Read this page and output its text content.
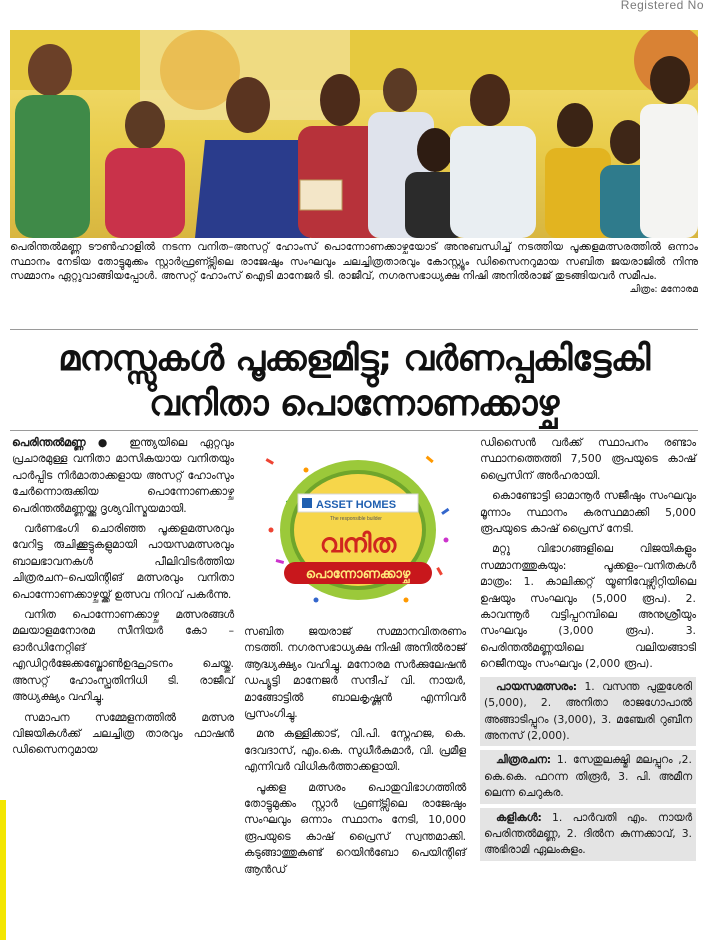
Registered No
പെരിന്തൽമണ്ണ ടൗൺഹാളിൽ നടന്ന വനിത–അസറ്റ് ഹോംസ് പൊന്നോണക്കാഴ്ചയോട് അനുബന്ധിച്ച് നടത്തിയ പൂക്കളമത്സരത്തിൽ ഒന്നാം സ്ഥാനം നേടിയ തോട്ടുമുക്കം സ്റ്റാർഫ്രണ്ട്സിലെ രാജേഷും സംഘവും ചലച്ചിത്രതാരവും കോസ്റ്റ്യൂം ഡിസൈനറുമായ സബിത ജയരാജിൽ നിന്നു സമ്മാനം ഏറ്റുവാങ്ങിയപ്പോൾ. അസറ്റ് ഹോംസ് ഐടി മാനേജർ ടി. രാജീവ്, നഗരസഭാധ്യക്ഷ നിഷി അനിൽരാജ് തുടങ്ങിയവർ സമീപം.
ചിത്രം: മനോരമ
മനസ്സുകൾ പൂക്കളമിട്ടു; വർണപ്പകിട്ടേകി
വനിതാ പൊന്നോണക്കാഴ്ച

പെരിന്തൽമണ്ണ ● ഇന്ത്യയിലെ ഏറ്റവും പ്രചാരമുള്ള വനിതാ മാസികയായ വനിതയും പാർപ്പിട നിർമാതാക്കളായ അസറ്റ് ഹോംസും ചേർന്നൊരുക്കിയ പൊന്നോണക്കാഴ്ച പെരിന്തൽമണ്ണയ്ക്കു ദൃശ്യവിസ്മയമായി.

വർണഭംഗി ചൊരിഞ്ഞ പൂക്കളമത്സരവും വേറിട്ട രുചിക്കൂട്ടുകളുമായി പായസമത്സരവും ബാലഭാവനകൾ പീലിവിടർത്തിയ ചിത്രരചന–പെയിന്റിങ് മത്സരവും വനിതാ പൊന്നോണക്കാഴ്ചയ്ക്ക് ഉത്സവ നിറവ് പകർന്നു.

വനിത പൊന്നോണക്കാഴ്ച മത്സരങ്ങൾ മലയാളമനോരമ സീനിയർ കോ – ഓർഡിനേറ്റിങ് എഡിറ്റർജേക്കബ്ജോൺഉദ്ഘാടനം ചെയ്തു. അസറ്റ് ഹോംസ്പ്രതിനിധി ടി. രാജീവ് അധ്യക്ഷ്യം വഹിച്ചു.

സമാപന സമ്മേളനത്തിൽ മത്സര വിജയികൾക്ക് ചലച്ചിത്ര താരവും ഫാഷൻ ഡിസൈനറുമായ

ASSET HOMES
The responsible builder
വനിത
പൊന്നോണക്കാഴ്ച

സബിത ജയരാജ് സമ്മാനവിതരണം നടത്തി. നഗരസഭാധ്യക്ഷ നിഷി അനിൽരാജ് ആദ്ധ്യക്ഷ്യം വഹിച്ചു. മനോരമ സർക്കുലേഷൻ ഡപ്യൂട്ടി മാനേജർ സന്ദീപ് വി. നായർ, മാങ്ങോട്ടിൽ ബാലകൃഷ്ണൻ എന്നിവർ പ്രസംഗിച്ചു.

മനു കള്ളിക്കാട്, വി.പി. സ്നേഹജ, കെ. ദേവദാസ്, എം.കെ. സുധീർകുമാർ, വി. പ്രമീള എന്നിവർ വിധികർത്താക്കളായി.

പൂക്കള മത്സരം പൊതുവിഭാഗത്തിൽ തോട്ടുമുക്കം സ്റ്റാർ ഫ്രണ്ട്സിലെ രാജേഷും സംഘവും ഒന്നാം സ്ഥാനം നേടി, 10,000 രൂപയുടെ കാഷ് പ്രൈസ് സ്വന്തമാക്കി. കടുങ്ങാത്തുകുണ്ട് റെയിൻബോ പെയിന്റിങ് ആൻഡ്

ഡിസൈൻ വർക്ക് സ്ഥാപനം രണ്ടാം സ്ഥാനത്തെത്തി 7,500 രൂപയുടെ കാഷ് പ്രൈസിന് അർഹരായി.

കൊണ്ടോട്ടി ഓമാനൂർ സജീഷും സംഘവും മൂന്നാം സ്ഥാനം കരസ്ഥമാക്കി 5,000 രൂപയുടെ കാഷ് പ്രൈസ് നേടി.

മറ്റു വിഭാഗങ്ങളിലെ വിജയികളും സമ്മാനത്തുകയും: പൂക്കളം–വനിതകൾ മാത്രം: 1. കാലിക്കറ്റ് യൂണിവേഴ്സിറ്റിയിലെ ഉഷയും സംഘവും (5,000 രൂപ). 2. കാവന്നൂർ വട്ടിപ്പറമ്പിലെ അനുശ്രീയും സംഘവും (3,000 രൂപ). 3. പെരിന്തൽമണ്ണയിലെ വലിയങ്ങാടി റെജീനയും സംഘവും (2,000 രൂപ).

പായസമത്സരം: 1. വസന്ത പുതുശേരി (5,000), 2. അനിതാ രാജഗോപാൽ അങ്ങാടിപ്പുറം (3,000), 3. മഞ്ചേരി റുബീന അനസ് (2,000).

ചിത്രരചന: 1. സേതുലക്ഷ്മി മലപ്പുറം ,2. കെ.കെ. ഫറന്ന തിരൂർ, 3. പി. അമീന ലെന്ന ചെറുകര.

കളികൾ: 1. പാർവതി എം. നായർ പെരിന്തൽമണ്ണ, 2. ദിൽന കുന്നക്കാവ്, 3. അഭിരാമി ഏലംകുളം.
